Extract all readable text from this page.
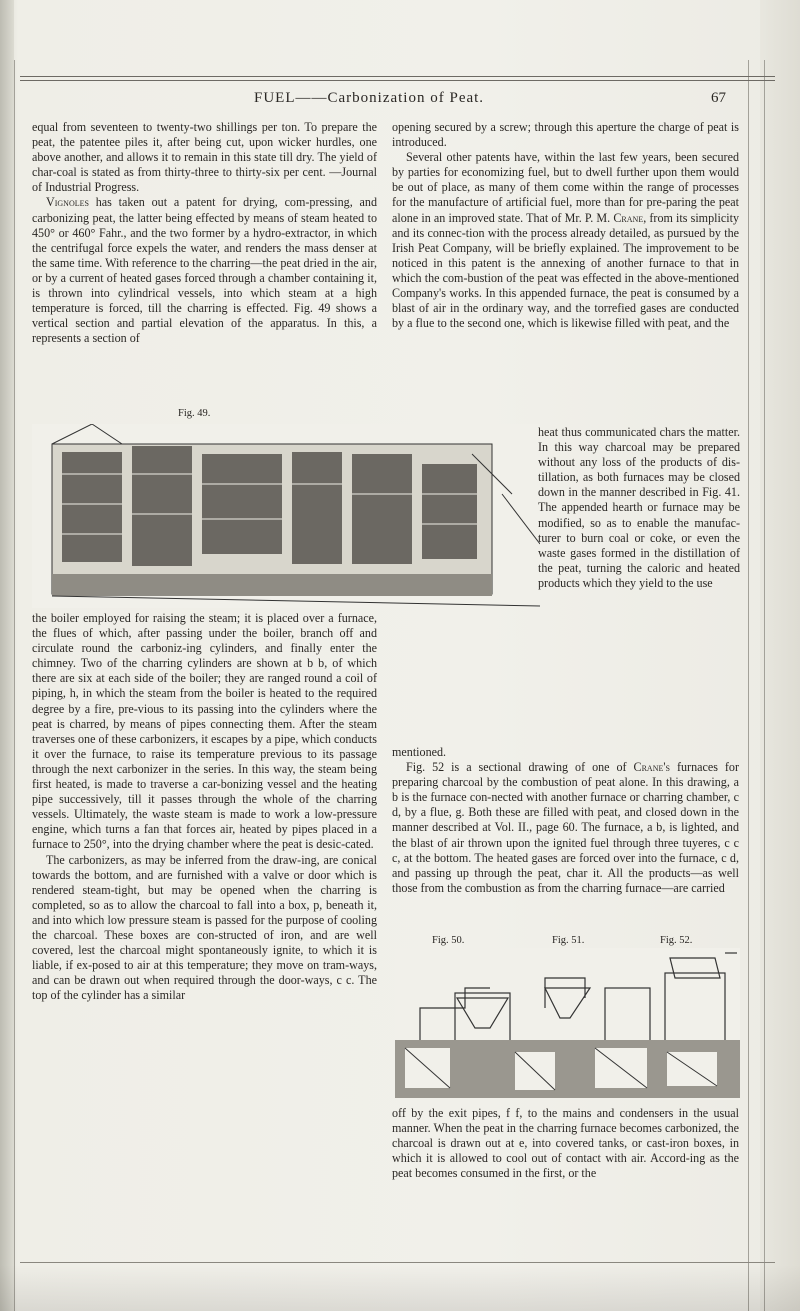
FUEL——Carbonization of Peat.	67

equal from seventeen to twenty-two shillings per ton. To prepare the peat, the patentee piles it, after being cut, upon wicker hurdles, one above another, and allows it to remain in this state till dry. The yield of char-coal is stated as from thirty-three to thirty-six per cent. —Journal of Industrial Progress.

Vignoles has taken out a patent for drying, com-pressing, and carbonizing peat, the latter being effected by means of steam heated to 450° or 460° Fahr., and the two former by a hydro-extractor, in which the centrifugal force expels the water, and renders the mass denser at the same time. With reference to the charring—the peat dried in the air, or by a current of heated gases forced through a chamber containing it, is thrown into cylindrical vessels, into which steam at a high temperature is forced, till the charring is effected. Fig. 49 shows a vertical section and partial elevation of the apparatus. In this, a represents a section of

Fig. 49.

the boiler employed for raising the steam; it is placed over a furnace, the flues of which, after passing under the boiler, branch off and circulate round the carboniz-ing cylinders, and finally enter the chimney. Two of the charring cylinders are shown at b b, of which there are six at each side of the boiler; they are ranged round a coil of piping, h, in which the steam from the boiler is heated to the required degree by a fire, pre-vious to its passing into the cylinders where the peat is charred, by means of pipes connecting them. After the steam traverses one of these carbonizers, it escapes by a pipe, which conducts it over the furnace, to raise its temperature previous to its passage through the next carbonizer in the series. In this way, the steam being first heated, is made to traverse a car-bonizing vessel and the heating pipe successively, till it passes through the whole of the charring vessels. Ultimately, the waste steam is made to work a low-pressure engine, which turns a fan that forces air, heated by pipes placed in a furnace to 250°, into the drying chamber where the peat is desic-cated.

The carbonizers, as may be inferred from the draw-ing, are conical towards the bottom, and are furnished with a valve or door which is rendered steam-tight, but may be opened when the charring is completed, so as to allow the charcoal to fall into a box, p, beneath it, and into which low pressure steam is passed for the purpose of cooling the charcoal. These boxes are con-structed of iron, and are well covered, lest the charcoal might spontaneously ignite, to which it is liable, if ex-posed to air at this temperature; they move on tram-ways, and can be drawn out when required through the door-ways, c c. The top of the cylinder has a similar

opening secured by a screw; through this aperture the charge of peat is introduced.

Several other patents have, within the last few years, been secured by parties for economizing fuel, but to dwell further upon them would be out of place, as many of them come within the range of processes for the manufacture of artificial fuel, more than for pre-paring the peat alone in an improved state. That of Mr. P. M. Crane, from its simplicity and its connec-tion with the process already detailed, as pursued by the Irish Peat Company, will be briefly explained. The improvement to be noticed in this patent is the annexing of another furnace to that in which the com-bustion of the peat was effected in the above-mentioned Company's works. In this appended furnace, the peat is consumed by a blast of air in the ordinary way, and the torrefied gases are conducted by a flue to the second one, which is likewise filled with peat, and the

heat thus communicated chars the matter. In this way charcoal may be prepared without any loss of the products of dis-tillation, as both furnaces may be closed down in the manner described in Fig. 41. The appended hearth or furnace may be modified, so as to enable the manufac-turer to burn coal or coke, or even the waste gases formed in the distillation of the peat, turning the caloric and heated products which they yield to the use

mentioned.

Fig. 52 is a sectional drawing of one of Crane's furnaces for preparing charcoal by the combustion of peat alone. In this drawing, a b is the furnace con-nected with another furnace or charring chamber, c d, by a flue, g. Both these are filled with peat, and closed down in the manner described at Vol. II., page 60. The furnace, a b, is lighted, and the blast of air thrown upon the ignited fuel through three tuyeres, c c c, at the bottom. The heated gases are forced over into the furnace, c d, and passing up through the peat, char it. All the products—as well those from the combustion as from the charring furnace—are carried

Fig. 50.	Fig. 51.	Fig. 52.

off by the exit pipes, f f, to the mains and condensers in the usual manner. When the peat in the charring furnace becomes carbonized, the charcoal is drawn out at e, into covered tanks, or cast-iron boxes, in which it is allowed to cool out of contact with air. Accord-ing as the peat becomes consumed in the first, or the
